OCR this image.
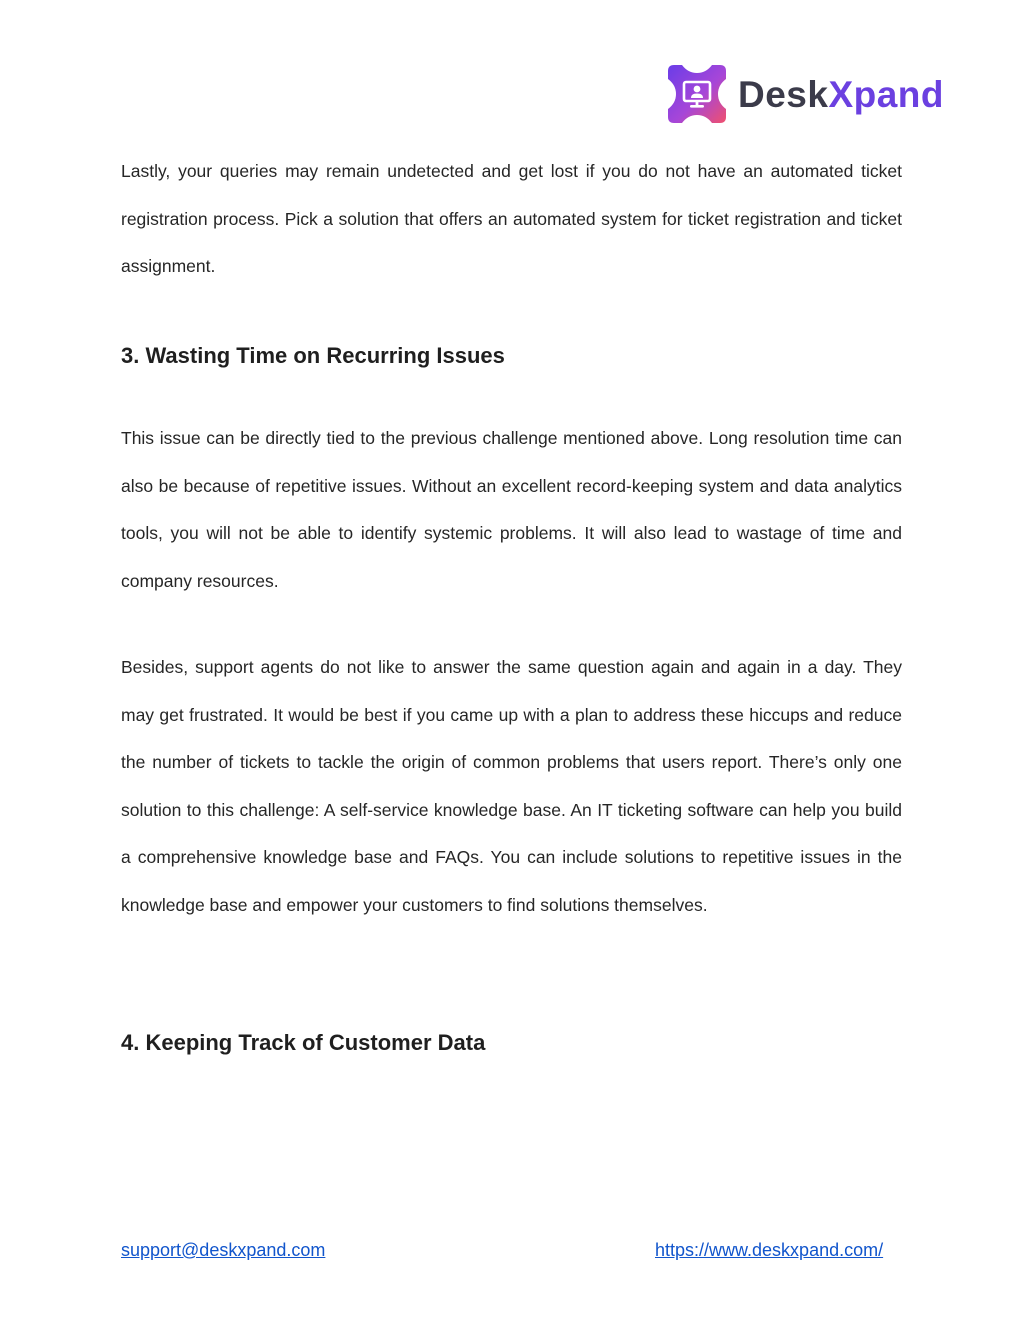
DeskXpand

Lastly, your queries may remain undetected and get lost if you do not have an automated ticket registration process. Pick a solution that offers an automated system for ticket registration and ticket assignment.

3. Wasting Time on Recurring Issues

This issue can be directly tied to the previous challenge mentioned above. Long resolution time can also be because of repetitive issues. Without an excellent record-keeping system and data analytics tools, you will not be able to identify systemic problems. It will also lead to wastage of time and company resources.

Besides, support agents do not like to answer the same question again and again in a day. They may get frustrated. It would be best if you came up with a plan to address these hiccups and reduce the number of tickets to tackle the origin of common problems that users report. There’s only one solution to this challenge: A self-service knowledge base. An IT ticketing software can help you build a comprehensive knowledge base and FAQs. You can include solutions to repetitive issues in the knowledge base and empower your customers to find solutions themselves.

4. Keeping Track of Customer Data
support@deskxpand.com	https://www.deskxpand.com/
